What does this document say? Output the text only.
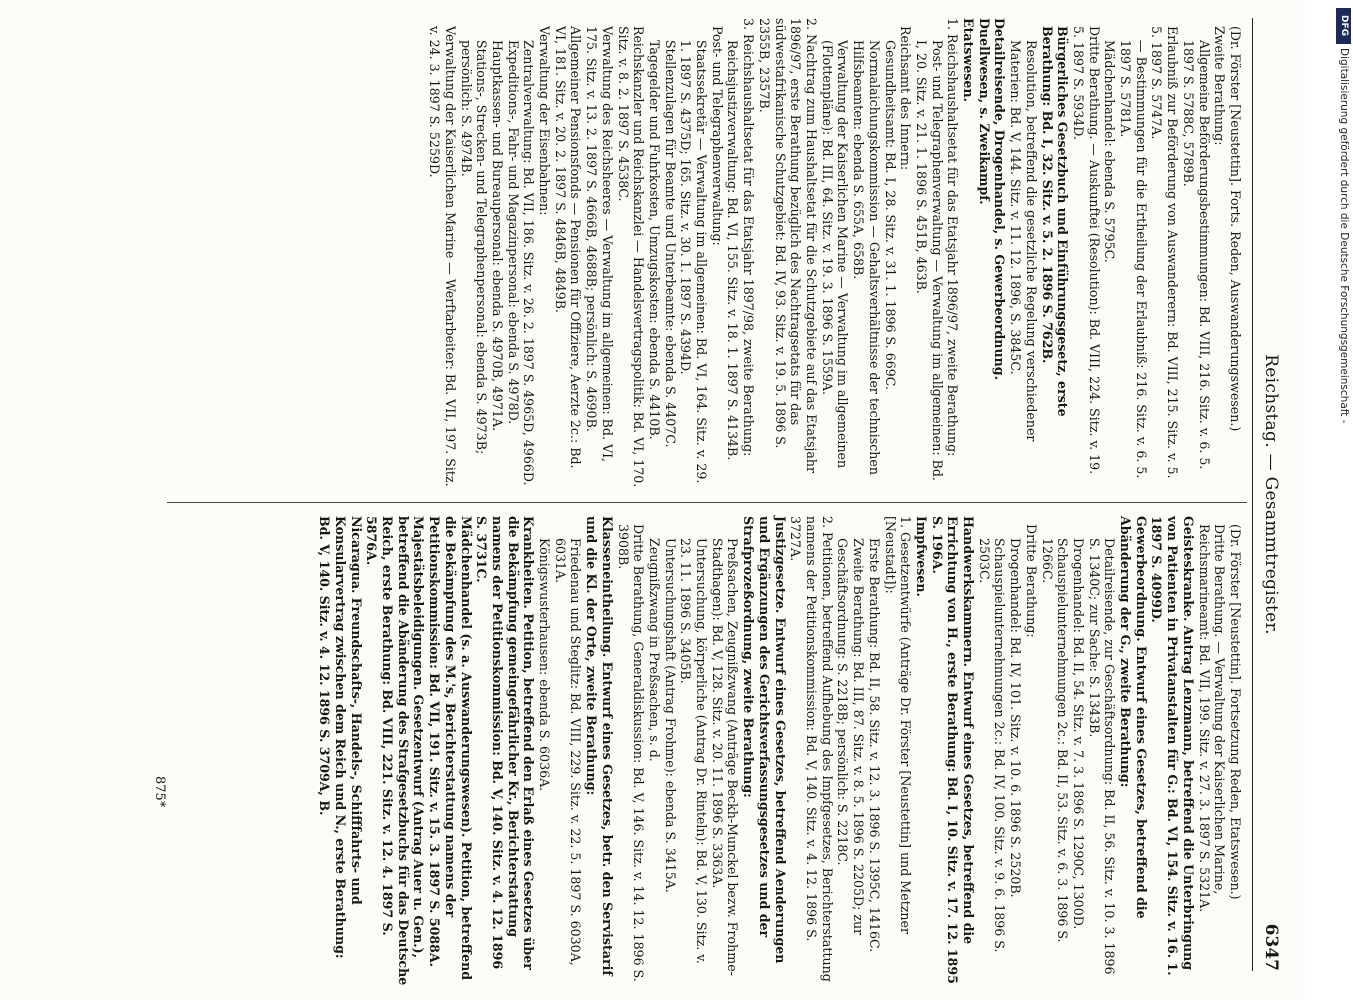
Reichstag. — Gesammtregister.
6347

(Dr. Förster [Neustettin]. Forts. Reden, Auswanderungswesen.)

Zweite Berathung:

Allgemeine Beförderungsbestimmungen: Bd. VIII, 216. Sitz. v. 6. 5. 1897 S. 5788C, 5789B.

Erlaubniß zur Beförderung von Auswanderern: Bd. VIII, 215. Sitz. v. 5. 5. 1897 S. 5747A.

— Bestimmungen für die Ertheilung der Erlaubniß: 216. Sitz. v. 6. 5. 1897 S. 5781A.

Mädchenhandel: ebenda S. 5795C.

Dritte Berathung. — Auskunftei (Resolution): Bd. VIII, 224. Sitz. v. 19. 5. 1897 S. 5934D.

Bürgerliches Gesetzbuch und Einführungsgesetz, erste Berathung: Bd. I, 32. Sitz. v. 5. 2. 1896 S. 762B.

Resolution, betreffend die gesetzliche Regelung verschiedener Materien: Bd. V, 144. Sitz. v. 11. 12. 1896, S. 3845C.

Detailreisende, Drogenhandel, s. Gewerbeordnung.

Duellwesen, s. Zweikampf.

Etatswesen.

1. Reichshaushaltsetat für das Etatsjahr 1896/97, zweite Berathung:

Post- und Telegraphenverwaltung — Verwaltung im allgemeinen: Bd. I, 20. Sitz. v. 21. 1. 1896 S. 451B, 463B.

Reichsamt des Innern:

Gesundheitsamt: Bd. I, 28. Sitz. v. 31. 1. 1896 S. 669C.

Normalaichungskommission — Gehaltsverhältnisse der technischen Hilfsbeamten: ebenda S. 655A, 658B.

Verwaltung der Kaiserlichen Marine — Verwaltung im allgemeinen (Flottenpläne): Bd. III, 64. Sitz. v. 19. 3. 1896 S. 1559A.

2. Nachtrag zum Haushaltsetat für die Schutzgebiete auf das Etatsjahr 1896/97, erste Berathung bezüglich des Nachtragsetats für das südwestafrikanische Schutzgebiet: Bd. IV, 93. Sitz. v. 19. 5. 1896 S. 2355B, 2357B.

3. Reichshaushaltsetat für das Etatsjahr 1897/98, zweite Berathung:

Reichsjustizverwaltung: Bd. VI, 155. Sitz. v. 18. 1. 1897 S. 4134B.

Post- und Telegraphenverwaltung:

Staatssekretär — Verwaltung im allgemeinen: Bd. VI, 164. Sitz. v. 29. 1. 1897 S. 4375D; 165. Sitz. v. 30. 1. 1897 S. 4394D.

Stellenzulagen für Beamte und Unterbeamte: ebenda S. 4407C.

Tagegelder und Fuhrkosten, Umzugskosten: ebenda S. 4410B.

Reichskanzler und Reichskanzlei — Handelsvertragspolitik: Bd. VI, 170. Sitz. v. 8. 2. 1897 S. 4538C.

Verwaltung des Reichsheeres — Verwaltung im allgemeinen: Bd. VI, 175. Sitz. v. 13. 2. 1897 S. 4666B, 4688B; persönlich: S. 4690B.

Allgemeiner Pensionsfonds — Pensionen für Offiziere, Aerzte 2c.: Bd. VI, 181. Sitz. v. 20. 2. 1897 S. 4846B, 4849B.

Verwaltung der Eisenbahnen:

Zentralverwaltung: Bd. VII, 186. Sitz. v. 26. 2. 1897 S. 4965D, 4966D.

Expeditions-, Fahr- und Magazinpersonal: ebenda S. 4978D.

Hauptkassen- und Bureaupersonal: ebenda S. 4970B, 4971A.

Stations-, Strecken- und Telegraphenpersonal: ebenda S. 4973B; persönlich: S. 4974B.

Verwaltung der Kaiserlichen Marine — Werftarbeiter: Bd. VII, 197. Sitz. v. 24. 3. 1897 S. 5259D.

(Dr. Förster [Neustettin]. Fortsetzung Reden, Etatswesen.)

Dritte Berathung. — Verwaltung der Kaiserlichen Marine, Reichsmarineamt: Bd. VII, 199. Sitz. v. 27. 3. 1897 S. 5321A.

Geisteskranke. Antrag Lenzmann, betreffend die Unterbringung von Patienten in Privatanstalten für G.: Bd. VI, 154. Sitz. v. 16. 1. 1897 S. 4099D.

Gewerbeordnung. Entwurf eines Gesetzes, betreffend die Abänderung der G., zweite Berathung:

Detailreisende, zur Geschäftsordnung: Bd. II, 56. Sitz. v. 10. 3. 1896 S. 1340C; zur Sache: S. 1343B.

Drogenhandel: Bd. II, 54. Sitz. v. 7. 3. 1896 S. 1290C, 1300D.

Schauspielunternehmungen 2c.: Bd. II, 53. Sitz. v. 6. 3. 1896 S. 1266C.

Dritte Berathung:

Drogenhandel: Bd. IV, 101. Sitz. v. 10. 6. 1896 S. 2520B.

Schauspielunternehmungen 2c.: Bd. IV, 100. Sitz. v. 9. 6. 1896 S. 2503C.

Handwerkskammern. Entwurf eines Gesetzes, betreffend die Errichtung von H., erste Berathung: Bd. I, 10. Sitz. v. 17. 12. 1895 S. 196A.

Impfwesen.

1. Gesetzentwürfe (Anträge Dr. Förster [Neustettin] und Metzner [Neustadt]):

Erste Berathung: Bd. II, 58. Sitz. v. 12. 3. 1896 S. 1395C, 1416C.

Zweite Berathung: Bd. III, 87. Sitz. v. 8. 5. 1896 S. 2205D; zur Geschäftsordnung: S. 2218B; persönlich: S. 2218C.

2. Petitionen, betreffend Aufhebung des Impfgesetzes, Berichterstattung namens der Petitionskommission: Bd. V, 140. Sitz. v. 4. 12. 1896 S. 3727A.

Justizgesetze. Entwurf eines Gesetzes, betreffend Aenderungen und Ergänzungen des Gerichtsverfassungsgesetzes und der Strafprozeßordnung, zweite Berathung:

Preßsachen, Zeugnißzwang (Anträge Beckh-Munckel bezw. Frohme-Stadthagen): Bd. V, 128. Sitz. v. 20. 11. 1896 S. 3363A.

Untersuchung, körperliche (Antrag Dr. Rinteln): Bd. V, 130. Sitz. v. 23. 11. 1896 S. 3405B.

Untersuchungshaft (Antrag Frohme): ebenda S. 3415A.

Zeugnißzwang in Preßsachen, s. d.

Dritte Berathung, Generaldiskussion: Bd. V, 146. Sitz. v. 14. 12. 1896 S. 3908B.

Klasseneintheilung. Entwurf eines Gesetzes, betr. den Servistarif und die Kl. der Orte, zweite Berathung:

Friedenau und Steglitz: Bd. VIII, 229. Sitz. v. 22. 5. 1897 S. 6030A, 6031A.

Königswusterhausen: ebenda S. 6036A.

Krankheiten. Petition, betreffend den Erlaß eines Gesetzes über die Bekämpfung gemeingefährlicher Kr., Berichterstattung namens der Petitionskommission: Bd. V, 140. Sitz. v. 4. 12. 1896 S. 3731C.

Mädchenhandel (s. a. Auswanderungswesen). Petition, betreffend die Bekämpfung des M.'s, Berichterstattung namens der Petitionskommission: Bd. VII, 191. Sitz. v. 15. 3. 1897 S. 5088A.

Majestätsbeleidigungen. Gesetzentwurf (Antrag Auer u. Gen.), betreffend die Abänderung des Strafgesetzbuchs für das Deutsche Reich, erste Berathung: Bd. VIII, 221. Sitz. v. 12. 4. 1897 S. 5876A.

Nicaragua. Freundschafts-, Handels-, Schifffahrts- und Konsularvertrag zwischen dem Reich und N., erste Berathung: Bd. V, 140. Sitz. v. 4. 12. 1896 S. 3709A, B.

875*
DFG
Digitalisierung gefördert durch die Deutsche Forschungsgemeinschaft -
